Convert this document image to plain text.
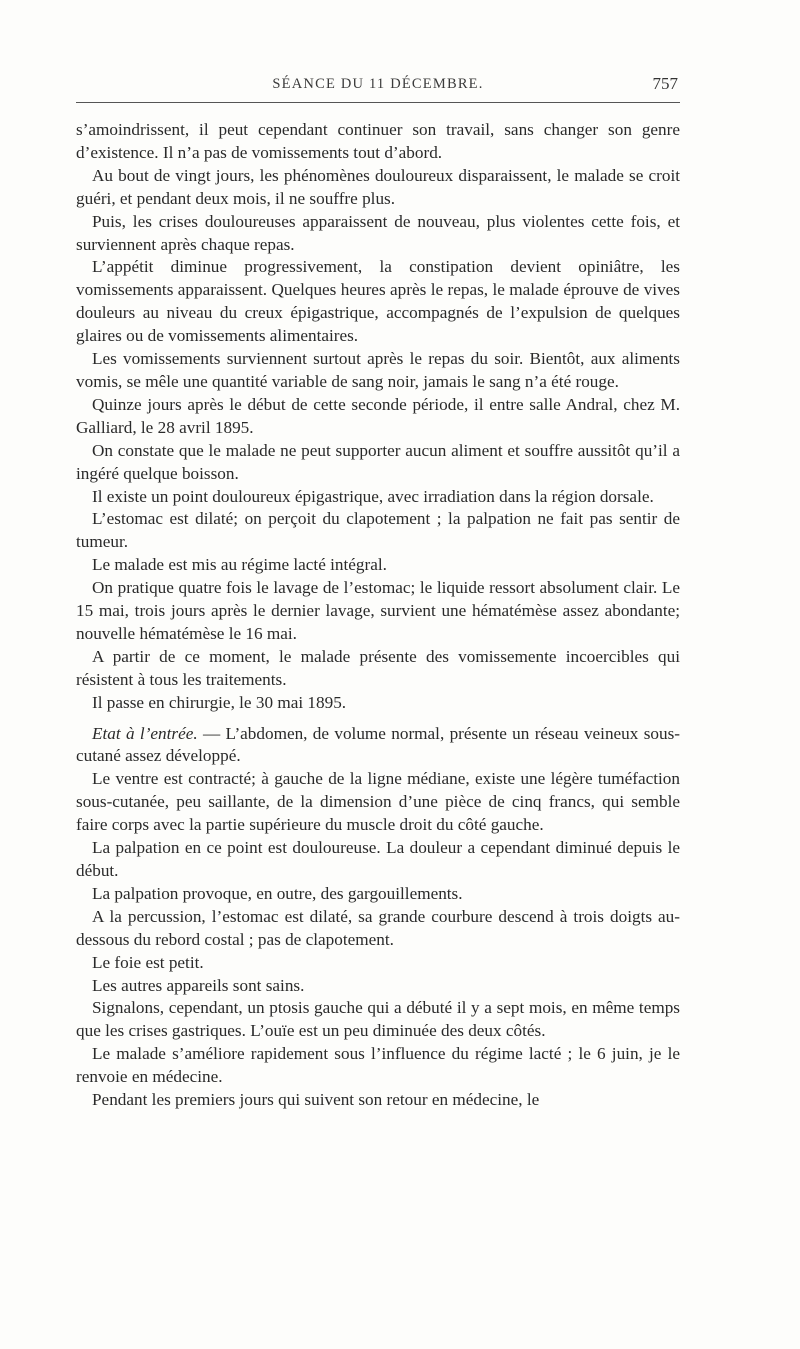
SÉANCE DU 11 DÉCEMBRE.	757

s’amoindrissent, il peut cependant continuer son travail, sans changer son genre d’existence. Il n’a pas de vomissements tout d’abord.

Au bout de vingt jours, les phénomènes douloureux disparaissent, le malade se croit guéri, et pendant deux mois, il ne souffre plus.

Puis, les crises douloureuses apparaissent de nouveau, plus violentes cette fois, et surviennent après chaque repas.

L’appétit diminue progressivement, la constipation devient opiniâtre, les vomissements apparaissent. Quelques heures après le repas, le malade éprouve de vives douleurs au niveau du creux épigastrique, accompagnés de l’expulsion de quelques glaires ou de vomissements alimentaires.

Les vomissements surviennent surtout après le repas du soir. Bientôt, aux aliments vomis, se mêle une quantité variable de sang noir, jamais le sang n’a été rouge.

Quinze jours après le début de cette seconde période, il entre salle Andral, chez M. Galliard, le 28 avril 1895.

On constate que le malade ne peut supporter aucun aliment et souffre aussitôt qu’il a ingéré quelque boisson.

Il existe un point douloureux épigastrique, avec irradiation dans la région dorsale.

L’estomac est dilaté; on perçoit du clapotement ; la palpation ne fait pas sentir de tumeur.

Le malade est mis au régime lacté intégral.

On pratique quatre fois le lavage de l’estomac; le liquide ressort absolument clair. Le 15 mai, trois jours après le dernier lavage, survient une hématémèse assez abondante; nouvelle hématémèse le 16 mai.

A partir de ce moment, le malade présente des vomissemente incoercibles qui résistent à tous les traitements.

Il passe en chirurgie, le 30 mai 1895.

Etat à l’entrée. — L’abdomen, de volume normal, présente un réseau veineux sous-cutané assez développé.

Le ventre est contracté; à gauche de la ligne médiane, existe une légère tuméfaction sous-cutanée, peu saillante, de la dimension d’une pièce de cinq francs, qui semble faire corps avec la partie supérieure du muscle droit du côté gauche.

La palpation en ce point est douloureuse. La douleur a cependant diminué depuis le début.

La palpation provoque, en outre, des gargouillements.

A la percussion, l’estomac est dilaté, sa grande courbure descend à trois doigts au-dessous du rebord costal ; pas de clapotement.

Le foie est petit.

Les autres appareils sont sains.

Signalons, cependant, un ptosis gauche qui a débuté il y a sept mois, en même temps que les crises gastriques. L’ouïe est un peu diminuée des deux côtés.

Le malade s’améliore rapidement sous l’influence du régime lacté ; le 6 juin, je le renvoie en médecine.

Pendant les premiers jours qui suivent son retour en médecine, le
